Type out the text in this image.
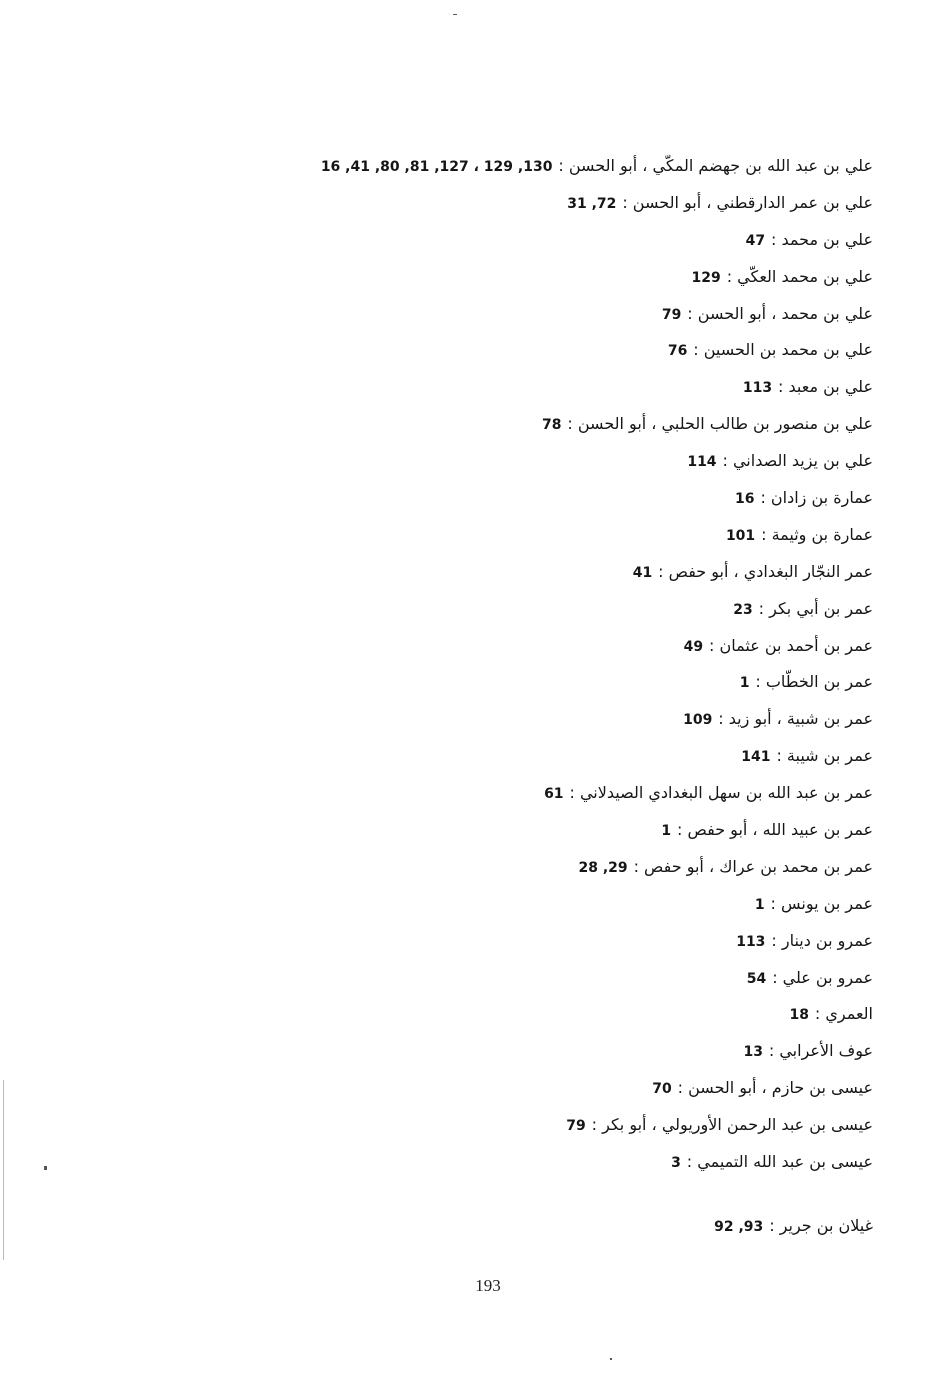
علي بن عبد الله بن جهضم المكّي ، أبو الحسن : 16 ,41 ,80 ,81 ,127 ، 129 ,130
علي بن عمر الدارقطني ، أبو الحسن : 31 ,72
علي بن محمد : 47
علي بن محمد العكّي : 129
علي بن محمد ، أبو الحسن : 79
علي بن محمد بن الحسين : 76
علي بن معبد : 113
علي بن منصور بن طالب الحلبي ، أبو الحسن : 78
علي بن يزيد الصداني : 114
عمارة بن زادان : 16
عمارة بن وثيمة : 101
عمر النجّار البغدادي ، أبو حفص : 41
عمر بن أبي بكر : 23
عمر بن أحمد بن عثمان : 49
عمر بن الخطّاب : 1
عمر بن شبية ، أبو زيد : 109
عمر بن شيبة : 141
عمر بن عبد الله بن سهل البغدادي الصيدلاني : 61
عمر بن عبيد الله ، أبو حفص : 1
عمر بن محمد بن عراك ، أبو حفص : 28 ,29
عمر بن يونس : 1
عمرو بن دينار : 113
عمرو بن علي : 54
العمري : 18
عوف الأعرابي : 13
عيسى بن حازم ، أبو الحسن : 70
عيسى بن عبد الرحمن الأوريولي ، أبو بكر : 79
عيسى بن عبد الله التميمي : 3
غيلان بن جرير : 92 ,93
193
